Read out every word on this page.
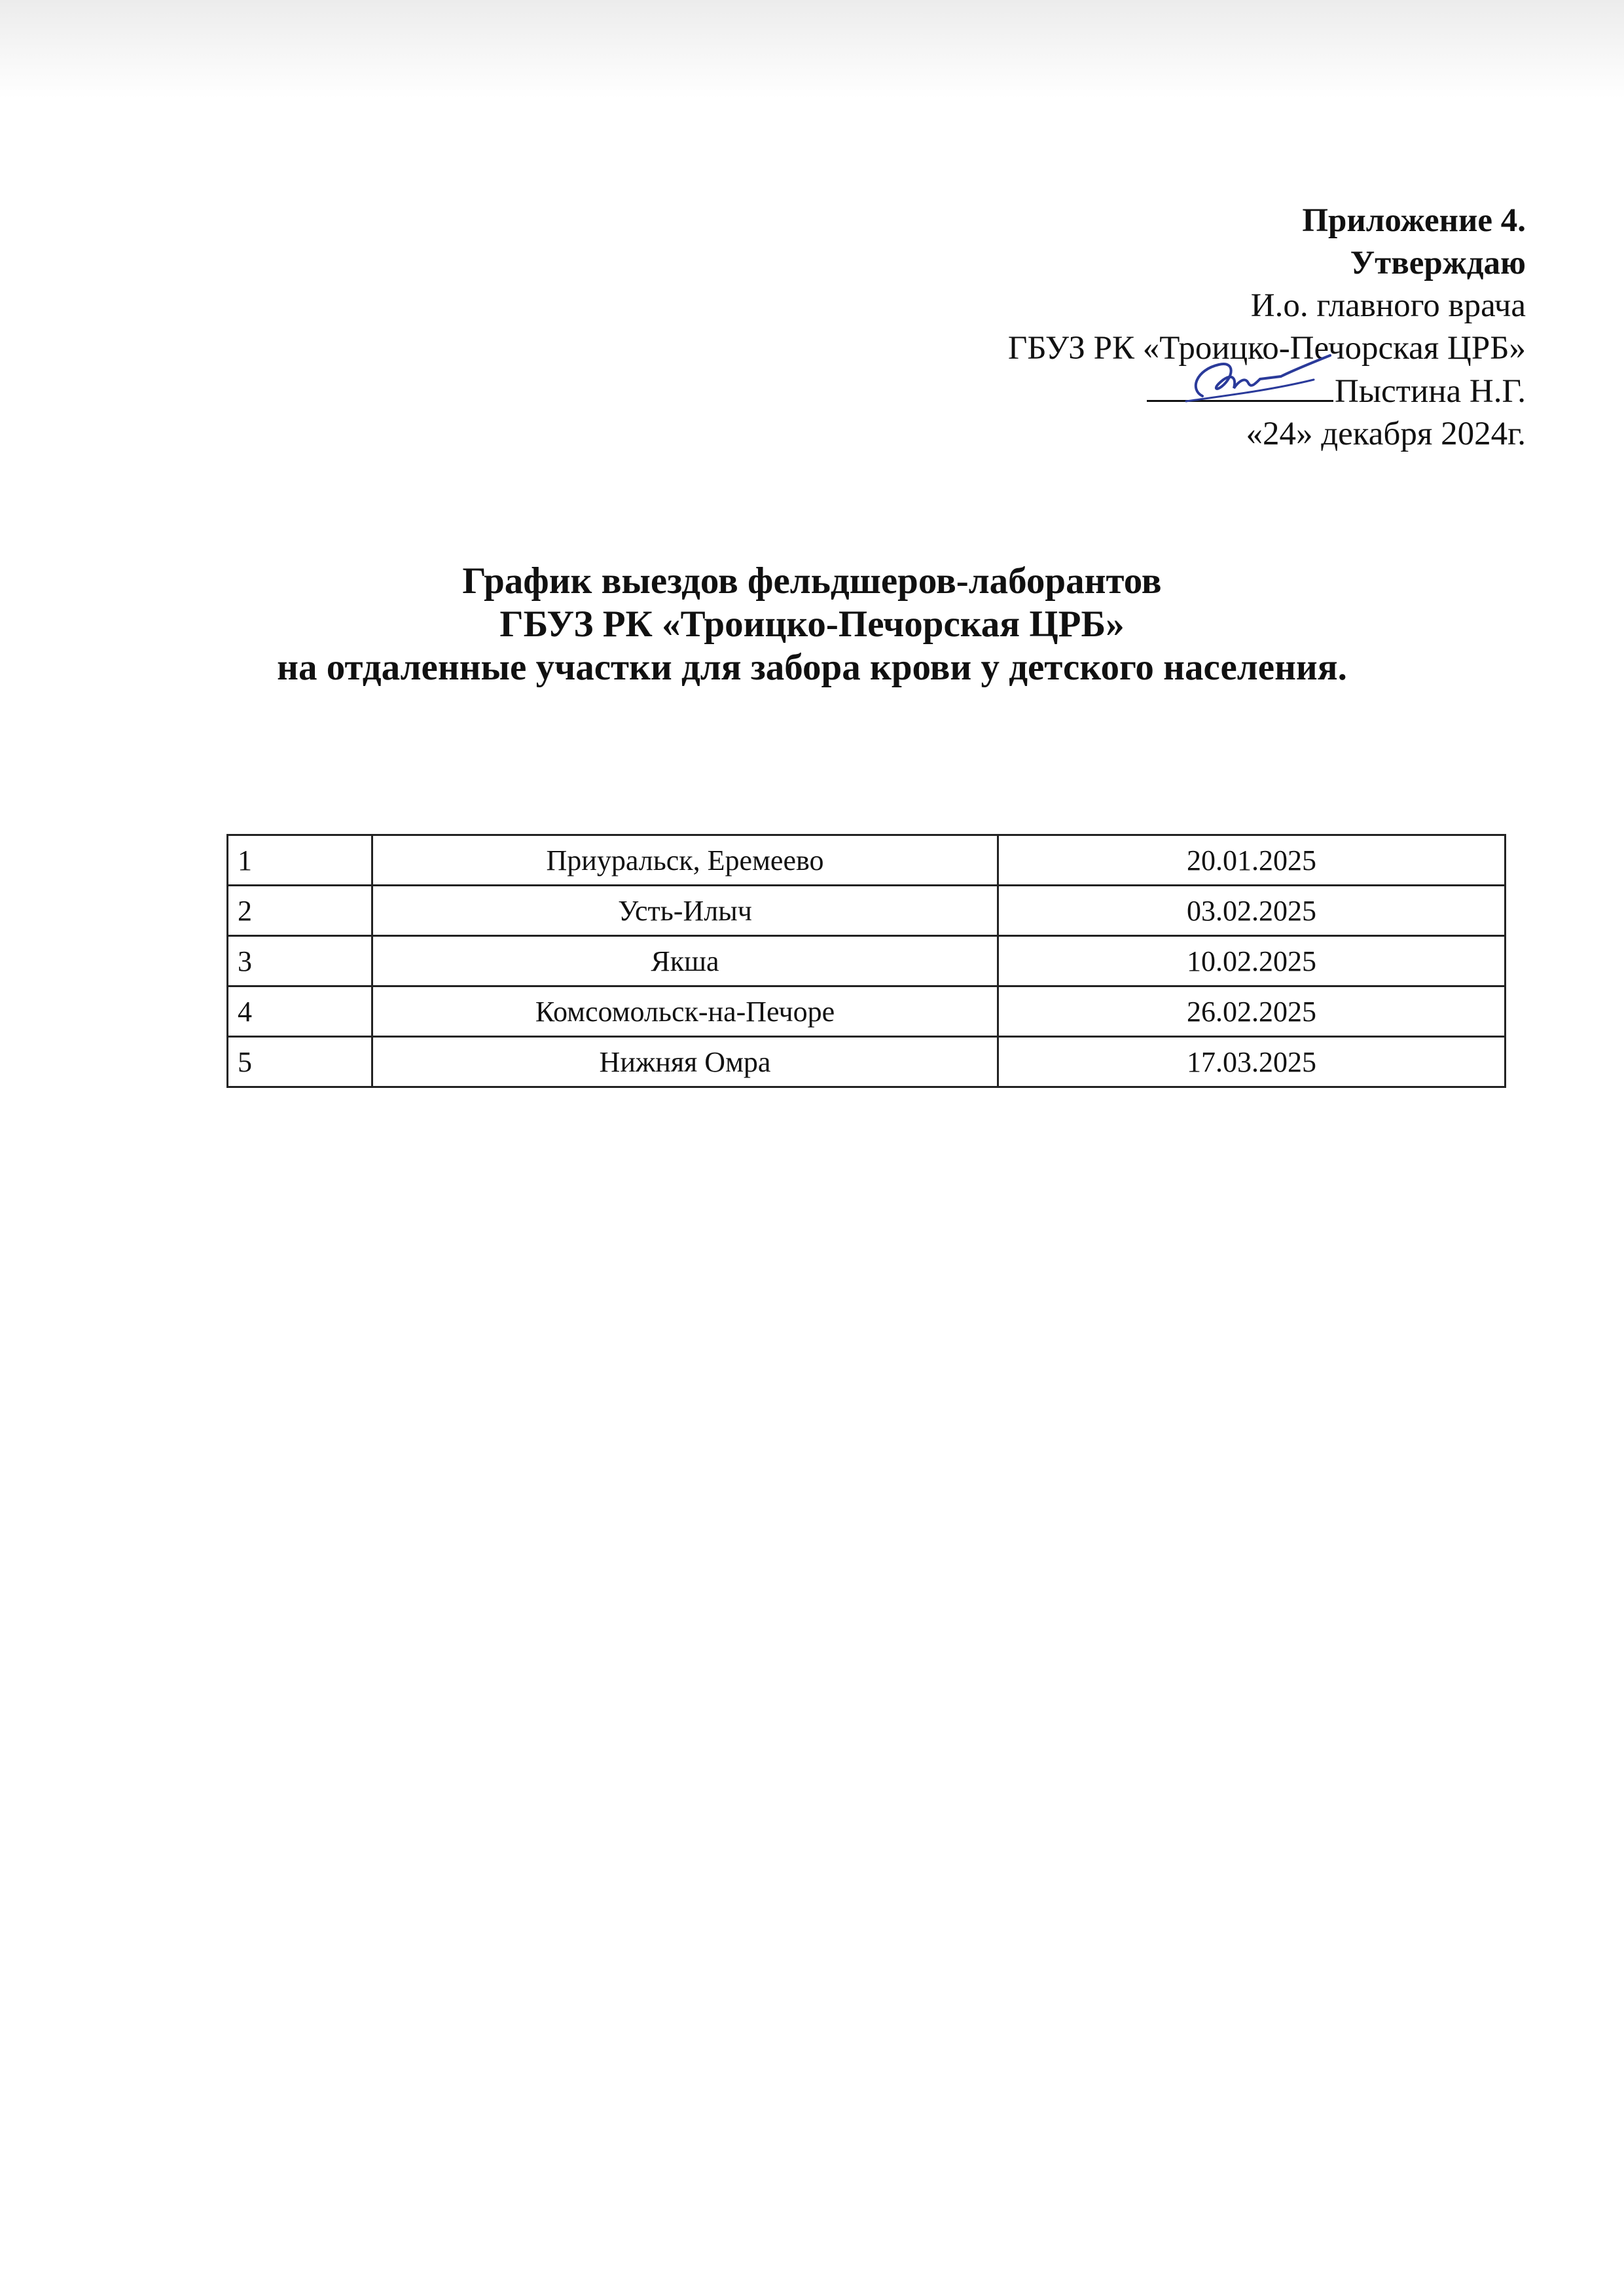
Приложение 4.
Утверждаю
И.о. главного врача
ГБУЗ РК «Троицко-Печорская ЦРБ»
Пыстина Н.Г.
«24» декабря 2024г.
График выездов фельдшеров-лаборантов
ГБУЗ РК «Троицко-Печорская ЦРБ»
на отдаленные участки для забора крови у детского населения.
1	Приуральск, Еремеево	20.01.2025
2	Усть-Илыч	03.02.2025
3	Якша	10.02.2025
4	Комсомольск-на-Печоре	26.02.2025
5	Нижняя Омра	17.03.2025
